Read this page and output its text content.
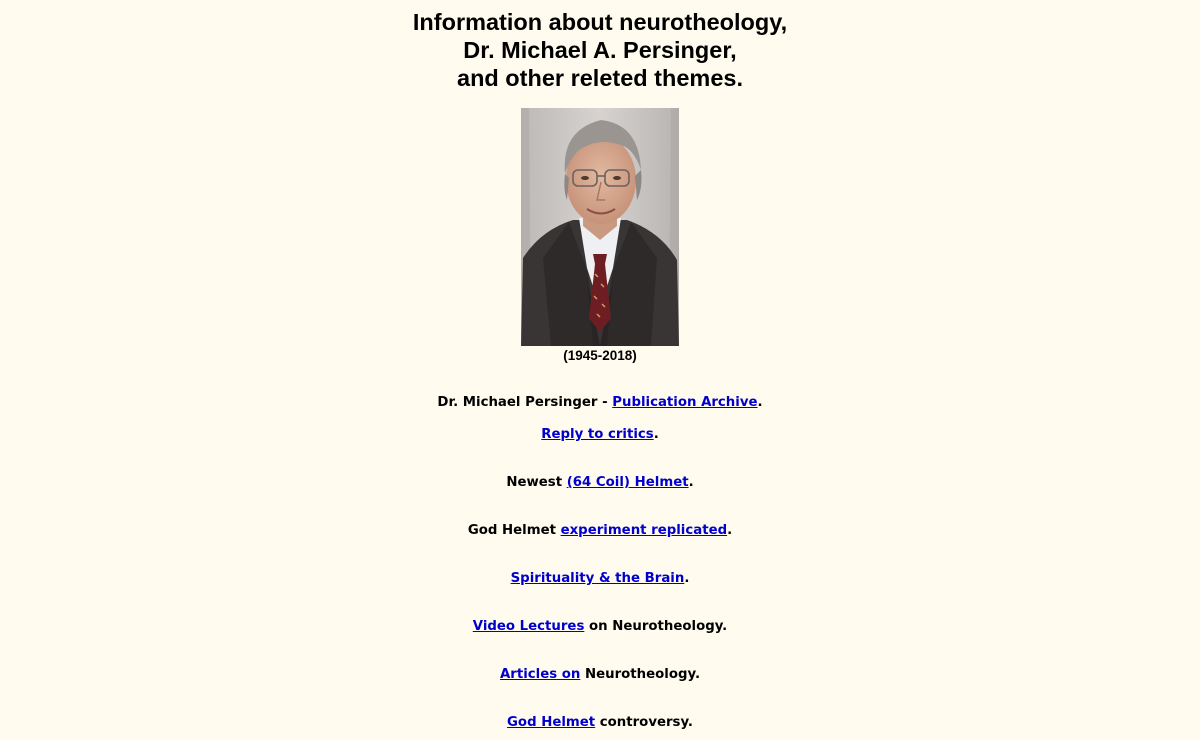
Information about neurotheology,
Dr. Michael A. Persinger,
and other releted themes.
(1945-2018)
Dr. Michael Persinger - Publication Archive.
Reply to critics.
Newest (64 Coil) Helmet.
God Helmet experiment replicated.
Spirituality & the Brain.
Video Lectures on Neurotheology.
Articles on Neurotheology.
God Helmet controversy.
